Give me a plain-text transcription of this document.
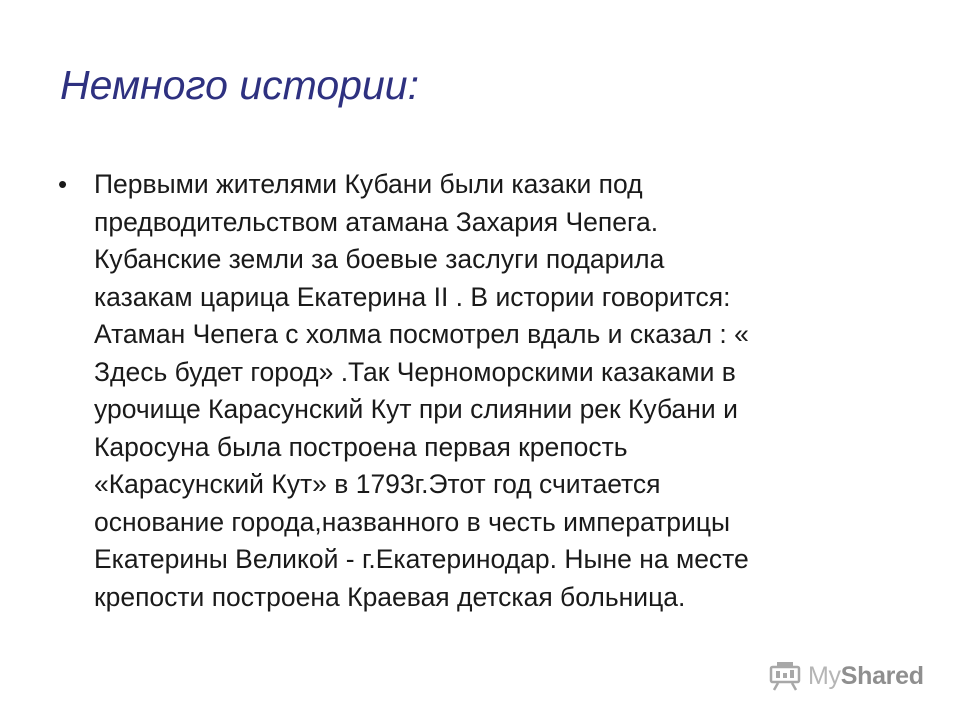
Немного истории:
• Первыми жителями Кубани были казаки под
предводительством атамана Захария Чепега.
Кубанские земли за боевые заслуги подарила
казакам царица Екатерина II . В истории говорится:
Атаман Чепега с холма посмотрел вдаль и сказал : «
Здесь будет город» .Так Черноморскими казаками в
урочище Карасунский Кут при слиянии рек Кубани и
Каросуна была построена первая крепость
«Карасунский Кут» в 1793г.Этот год считается
основание города,названного в честь императрицы
Екатерины Великой - г.Екатеринодар. Ныне на месте
крепости построена Краевая детская больница.
MyShared
